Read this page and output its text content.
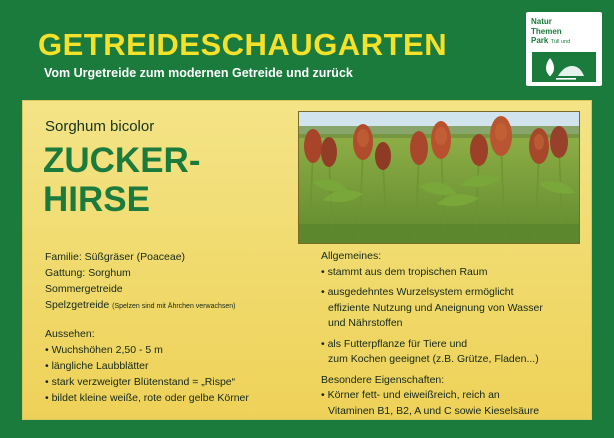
GETREIDESCHAUGARTEN
Vom Urgetreide zum modernen Getreide und zurück
Natur
Themen
Park Tüll und
Sorghum bicolor
ZUCKER-
HIRSE
Familie: Süßgräser (Poaceae)
Gattung: Sorghum
Sommergetreide
Spelzgetreide (Spelzen sind mit Ährchen verwachsen)
Aussehen:
• Wuchshöhen 2,50 - 5 m
• längliche Laubblätter
• stark verzweigter Blütenstand = „Rispe“
• bildet kleine weiße, rote oder gelbe Körner
Allgemeines:
• stammt aus dem tropischen Raum
• ausgedehntes Wurzelsystem ermöglicht
effiziente Nutzung und Aneignung von Wasser
und Nährstoffen
• als Futterpflanze für Tiere und
zum Kochen geeignet (z.B. Grütze, Fladen...)
Besondere Eigenschaften:
• Körner fett- und eiweißreich, reich an
Vitaminen B1, B2, A und C sowie Kieselsäure
